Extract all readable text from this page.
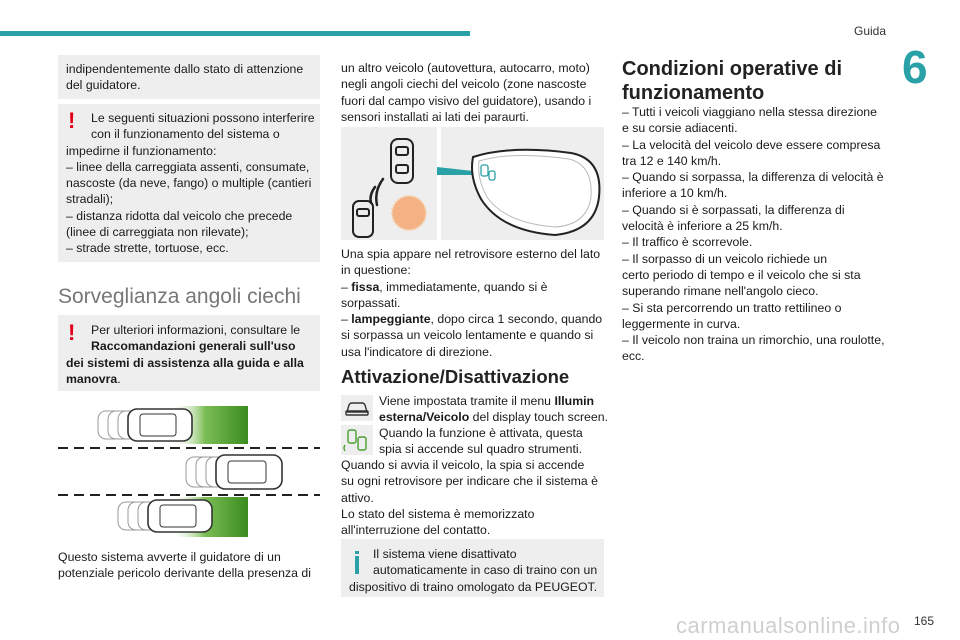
Guida
6
indipendentemente dallo stato di attenzione
del guidatore.
!	Le seguenti situazioni possono interferire
con il funzionamento del sistema o
impedirne il funzionamento:
– linee della carreggiata assenti, consumate,
nascoste (da neve, fango) o multiple (cantieri
stradali);
– distanza ridotta dal veicolo che precede
(linee di carreggiata non rilevate);
– strade strette, tortuose, ecc.
Sorveglianza angoli ciechi
!	Per ulteriori informazioni, consultare le
Raccomandazioni generali sull'uso
dei sistemi di assistenza alla guida e alla
manovra.
Questo sistema avverte il guidatore di un
potenziale pericolo derivante della presenza di
un altro veicolo (autovettura, autocarro, moto)
negli angoli ciechi del veicolo (zone nascoste
fuori dal campo visivo del guidatore), usando i
sensori installati ai lati dei paraurti.
Una spia appare nel retrovisore esterno del lato
in questione:
– fissa, immediatamente, quando si è
sorpassati.
– lampeggiante, dopo circa 1 secondo, quando
si sorpassa un veicolo lentamente e quando si
usa l'indicatore di direzione.
Attivazione/Disattivazione
Viene impostata tramite il menu Illumin
esterna/Veicolo del display touch screen.
Quando la funzione è attivata, questa
spia si accende sul quadro strumenti.
Quando si avvia il veicolo, la spia si accende
su ogni retrovisore per indicare che il sistema è
attivo.
Lo stato del sistema è memorizzato
all'interruzione del contatto.
Il sistema viene disattivato
automaticamente in caso di traino con un
dispositivo di traino omologato da PEUGEOT.
Condizioni operative di
funzionamento
– Tutti i veicoli viaggiano nella stessa direzione
e su corsie adiacenti.
– La velocità del veicolo deve essere compresa
tra 12 e 140 km/h.
– Quando si sorpassa, la differenza di velocità è
inferiore a 10 km/h.
– Quando si è sorpassati, la differenza di
velocità è inferiore a 25 km/h.
– Il traffico è scorrevole.
– Il sorpasso di un veicolo richiede un
certo periodo di tempo e il veicolo che si sta
superando rimane nell'angolo cieco.
– Si sta percorrendo un tratto rettilineo o
leggermente in curva.
– Il veicolo non traina un rimorchio, una roulotte,
ecc.
carmanualsonline.info 165
